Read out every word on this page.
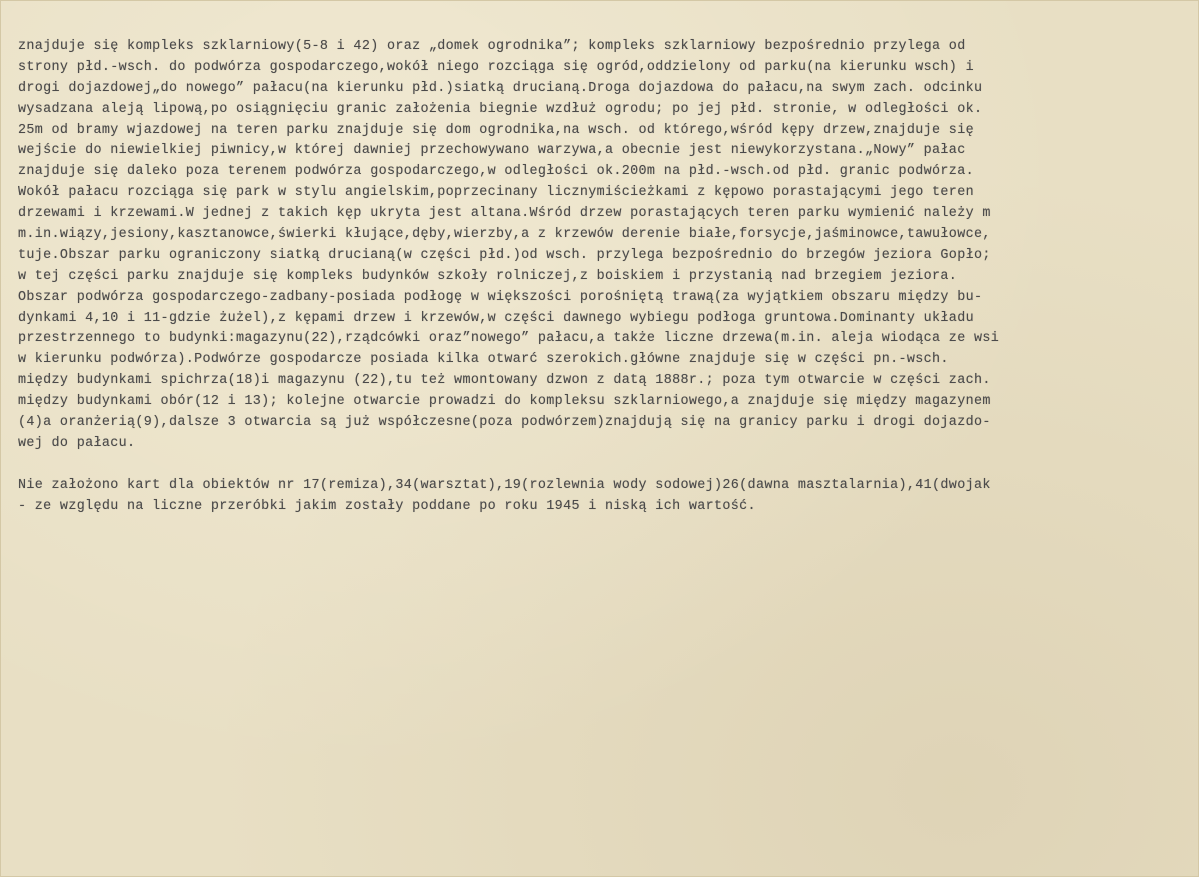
znajduje się kompleks szklarniowy(5-8 i 42) oraz „domek ogrodnika”; kompleks szklarniowy bezpośrednio przylega od
strony płd.-wsch. do podwórza gospodarczego,wokół niego rozciąga się ogród,oddzielony od parku(na kierunku wsch) i
drogi dojazdowej„do nowego” pałacu(na kierunku płd.)siatką drucianą.Droga dojazdowa do pałacu,na swym zach. odcinku
wysadzana aleją lipową,po osiągnięciu granic założenia biegnie wzdłuż ogrodu; po jej płd. stronie, w odległości ok.
25m od bramy wjazdowej na teren parku znajduje się dom ogrodnika,na wsch. od którego,wśród kępy drzew,znajduje się
wejście do niewielkiej piwnicy,w której dawniej przechowywano warzywa,a obecnie jest niewykorzystana.„Nowy” pałac
znajduje się daleko poza terenem podwórza gospodarczego,w odległości ok.200m na płd.-wsch.od płd. granic podwórza.
Wokół pałacu rozciąga się park w stylu angielskim,poprzecinany licznymiścieżkami z kępowo porastającymi jego teren
drzewami i krzewami.W jednej z takich kęp ukryta jest altana.Wśród drzew porastających teren parku wymienić należy m
m.in.wiązy,jesiony,kasztanowce,świerki kłujące,dęby,wierzby,a z krzewów derenie białe,forsycje,jaśminowce,tawułowce,
tuje.Obszar parku ograniczony siatką drucianą(w części płd.)od wsch. przylega bezpośrednio do brzegów jeziora Gopło;
w tej części parku znajduje się kompleks budynków szkoły rolniczej,z boiskiem i przystanią nad brzegiem jeziora.
Obszar podwórza gospodarczego-zadbany-posiada podłogę w większości porośniętą trawą(za wyjątkiem obszaru między bu-
dynkami 4,10 i 11-gdzie żużel),z kępami drzew i krzewów,w części dawnego wybiegu podłoga gruntowa.Dominanty układu
przestrzennego to budynki:magazynu(22),rządcówki oraz”nowego” pałacu,a także liczne drzewa(m.in. aleja wiodąca ze wsi
w kierunku podwórza).Podwórze gospodarcze posiada kilka otwarć szerokich.główne znajduje się w części pn.-wsch.
między budynkami spichrza(18)i magazynu (22),tu też wmontowany dzwon z datą 1888r.; poza tym otwarcie w części zach.
między budynkami obór(12 i 13); kolejne otwarcie prowadzi do kompleksu szklarniowego,a znajduje się między magazynem
(4)a oranżerią(9),dalsze 3 otwarcia są już współczesne(poza podwórzem)znajdują się na granicy parku i drogi dojazdo-
wej do pałacu.
Nie założono kart dla obiektów nr 17(remiza),34(warsztat),19(rozlewnia wody sodowej)26(dawna masztalarnia),41(dwojak
- ze względu na liczne przeróbki jakim zostały poddane po roku 1945 i niską ich wartość.
